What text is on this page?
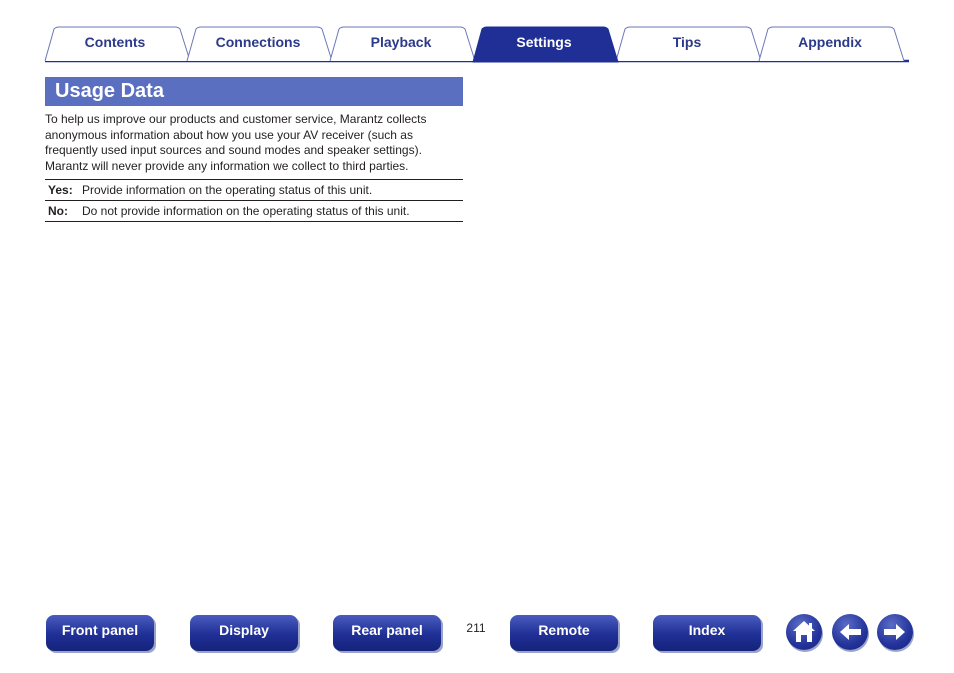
Contents	Connections	Playback	Settings	Tips	Appendix
Usage Data
To help us improve our products and customer service, Marantz collects
anonymous information about how you use your AV receiver (such as
frequently used input sources and sound modes and speaker settings).
Marantz will never provide any information we collect to third parties.
Yes: Provide information on the operating status of this unit.
No:	Do not provide information on the operating status of this unit.
Front panel	Display	Rear panel	211	Remote	Index
